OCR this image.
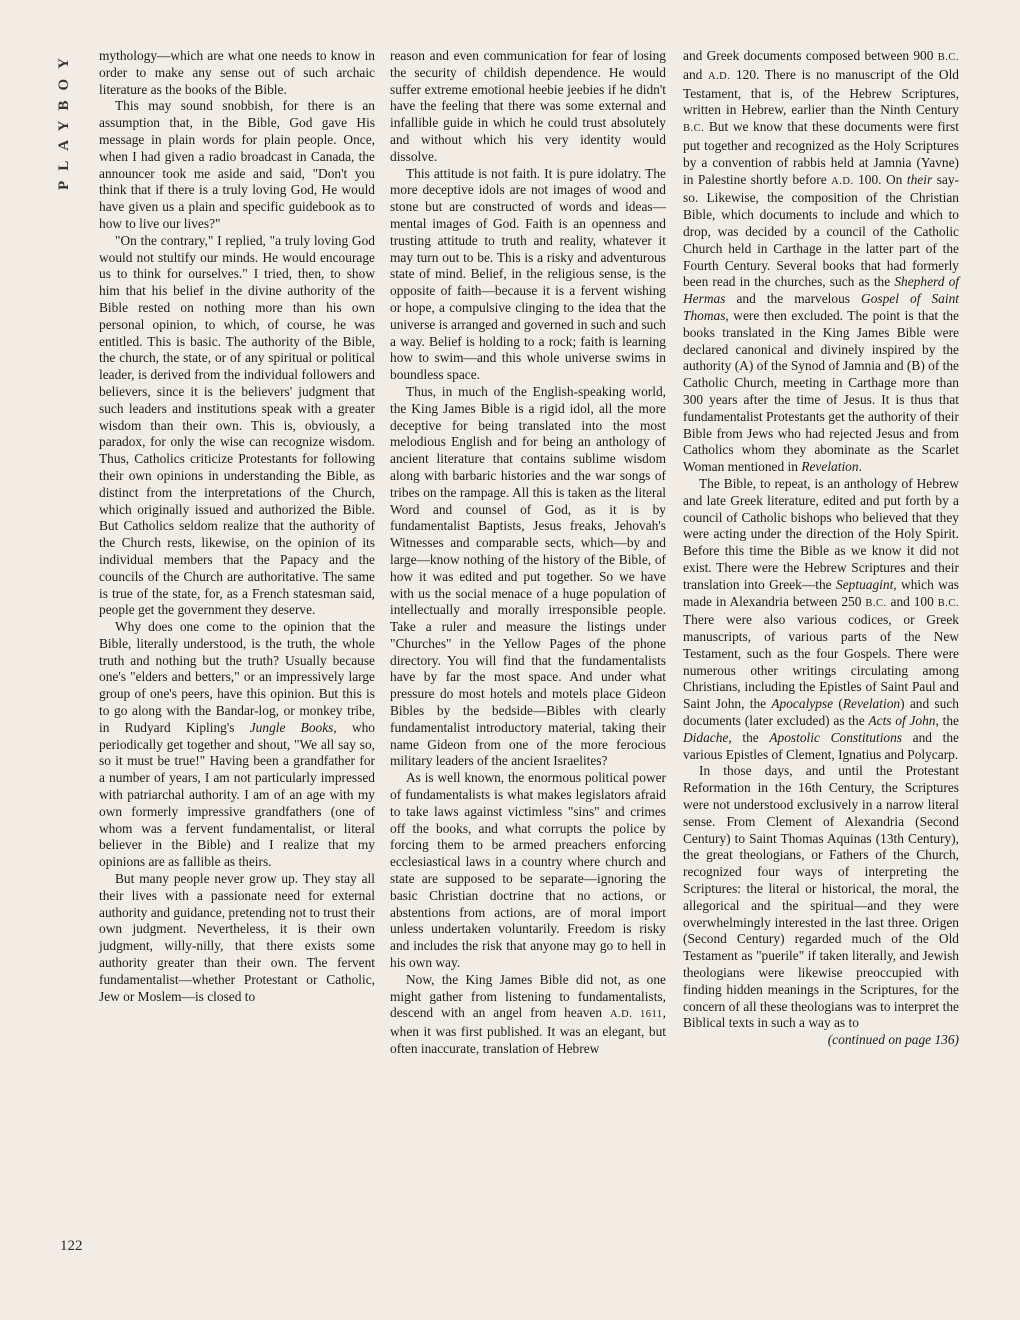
PLAYBOY
122

mythology—which are what one needs to know in order to make any sense out of such archaic literature as the books of the Bible.

This may sound snobbish, for there is an assumption that, in the Bible, God gave His message in plain words for plain people. Once, when I had given a radio broadcast in Canada, the announcer took me aside and said, "Don't you think that if there is a truly loving God, He would have given us a plain and specific guidebook as to how to live our lives?"

"On the contrary," I replied, "a truly loving God would not stultify our minds. He would encourage us to think for ourselves." I tried, then, to show him that his belief in the divine authority of the Bible rested on nothing more than his own personal opinion, to which, of course, he was entitled. This is basic. The authority of the Bible, the church, the state, or of any spiritual or political leader, is derived from the individual followers and believers, since it is the believers' judgment that such leaders and institutions speak with a greater wisdom than their own. This is, obviously, a paradox, for only the wise can recognize wisdom. Thus, Catholics criticize Protestants for following their own opinions in understanding the Bible, as distinct from the interpretations of the Church, which originally issued and authorized the Bible. But Catholics seldom realize that the authority of the Church rests, likewise, on the opinion of its individual members that the Papacy and the councils of the Church are authoritative. The same is true of the state, for, as a French statesman said, people get the government they deserve.

Why does one come to the opinion that the Bible, literally understood, is the truth, the whole truth and nothing but the truth? Usually because one's "elders and betters," or an impressively large group of one's peers, have this opinion. But this is to go along with the Bandar-log, or monkey tribe, in Rudyard Kipling's Jungle Books, who periodically get together and shout, "We all say so, so it must be true!" Having been a grandfather for a number of years, I am not particularly impressed with patriarchal authority. I am of an age with my own formerly impressive grandfathers (one of whom was a fervent fundamentalist, or literal believer in the Bible) and I realize that my opinions are as fallible as theirs.

But many people never grow up. They stay all their lives with a passionate need for external authority and guidance, pretending not to trust their own judgment. Nevertheless, it is their own judgment, willy-nilly, that there exists some authority greater than their own. The fervent fundamentalist—whether Protestant or Catholic, Jew or Moslem—is closed to

reason and even communication for fear of losing the security of childish dependence. He would suffer extreme emotional heebie jeebies if he didn't have the feeling that there was some external and infallible guide in which he could trust absolutely and without which his very identity would dissolve.

This attitude is not faith. It is pure idolatry. The more deceptive idols are not images of wood and stone but are constructed of words and ideas—mental images of God. Faith is an openness and trusting attitude to truth and reality, whatever it may turn out to be. This is a risky and adventurous state of mind. Belief, in the religious sense, is the opposite of faith—because it is a fervent wishing or hope, a compulsive clinging to the idea that the universe is arranged and governed in such and such a way. Belief is holding to a rock; faith is learning how to swim—and this whole universe swims in boundless space.

Thus, in much of the English-speaking world, the King James Bible is a rigid idol, all the more deceptive for being translated into the most melodious English and for being an anthology of ancient literature that contains sublime wisdom along with barbaric histories and the war songs of tribes on the rampage. All this is taken as the literal Word and counsel of God, as it is by fundamentalist Baptists, Jesus freaks, Jehovah's Witnesses and comparable sects, which—by and large—know nothing of the history of the Bible, of how it was edited and put together. So we have with us the social menace of a huge population of intellectually and morally irresponsible people. Take a ruler and measure the listings under "Churches" in the Yellow Pages of the phone directory. You will find that the fundamentalists have by far the most space. And under what pressure do most hotels and motels place Gideon Bibles by the bedside—Bibles with clearly fundamentalist introductory material, taking their name Gideon from one of the more ferocious military leaders of the ancient Israelites?

As is well known, the enormous political power of fundamentalists is what makes legislators afraid to take laws against victimless "sins" and crimes off the books, and what corrupts the police by forcing them to be armed preachers enforcing ecclesiastical laws in a country where church and state are supposed to be separate—ignoring the basic Christian doctrine that no actions, or abstentions from actions, are of moral import unless undertaken voluntarily. Freedom is risky and includes the risk that anyone may go to hell in his own way.

Now, the King James Bible did not, as one might gather from listening to fundamentalists, descend with an angel from heaven A.D. 1611, when it was first published. It was an elegant, but often inaccurate, translation of Hebrew

and Greek documents composed between 900 B.C. and A.D. 120. There is no manuscript of the Old Testament, that is, of the Hebrew Scriptures, written in Hebrew, earlier than the Ninth Century B.C. But we know that these documents were first put together and recognized as the Holy Scriptures by a convention of rabbis held at Jamnia (Yavne) in Palestine shortly before A.D. 100. On their say-so. Likewise, the composition of the Christian Bible, which documents to include and which to drop, was decided by a council of the Catholic Church held in Carthage in the latter part of the Fourth Century. Several books that had formerly been read in the churches, such as the Shepherd of Hermas and the marvelous Gospel of Saint Thomas, were then excluded. The point is that the books translated in the King James Bible were declared canonical and divinely inspired by the authority (A) of the Synod of Jamnia and (B) of the Catholic Church, meeting in Carthage more than 300 years after the time of Jesus. It is thus that fundamentalist Protestants get the authority of their Bible from Jews who had rejected Jesus and from Catholics whom they abominate as the Scarlet Woman mentioned in Revelation.

The Bible, to repeat, is an anthology of Hebrew and late Greek literature, edited and put forth by a council of Catholic bishops who believed that they were acting under the direction of the Holy Spirit. Before this time the Bible as we know it did not exist. There were the Hebrew Scriptures and their translation into Greek—the Septuagint, which was made in Alexandria between 250 B.C. and 100 B.C. There were also various codices, or Greek manuscripts, of various parts of the New Testament, such as the four Gospels. There were numerous other writings circulating among Christians, including the Epistles of Saint Paul and Saint John, the Apocalypse (Revelation) and such documents (later excluded) as the Acts of John, the Didache, the Apostolic Constitutions and the various Epistles of Clement, Ignatius and Polycarp.

In those days, and until the Protestant Reformation in the 16th Century, the Scriptures were not understood exclusively in a narrow literal sense. From Clement of Alexandria (Second Century) to Saint Thomas Aquinas (13th Century), the great theologians, or Fathers of the Church, recognized four ways of interpreting the Scriptures: the literal or historical, the moral, the allegorical and the spiritual—and they were overwhelmingly interested in the last three. Origen (Second Century) regarded much of the Old Testament as "puerile" if taken literally, and Jewish theologians were likewise preoccupied with finding hidden meanings in the Scriptures, for the concern of all these theologians was to interpret the Biblical texts in such a way as to

(continued on page 136)
